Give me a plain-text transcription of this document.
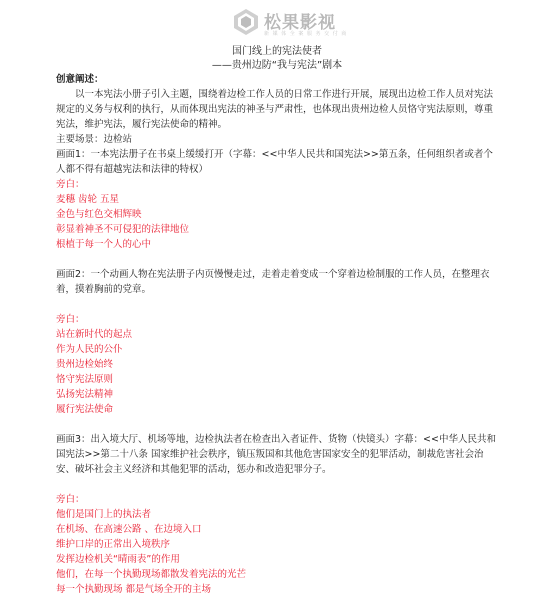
松果影视
新 媒 体 全 案 服 务 交 付 商
国门线上的宪法使者
——贵州边防“我与宪法”剧本

创意阐述：

以一本宪法小册子引入主题，围绕着边检工作人员的日常工作进行开展，展现出边检工作人员对宪法规定的义务与权利的执行，从而体现出宪法的神圣与严肃性，也体现出贵州边检人员恪守宪法原则，尊重宪法，维护宪法，履行宪法使命的精神。

主要场景：边检站

画面1：一本宪法册子在书桌上缓缓打开（字幕：<<中华人民共和国宪法>>第五条，任何组织者或者个人都不得有超越宪法和法律的特权）

旁白：

麦穗 齿轮 五星

金色与红色交相辉映

彰显着神圣不可侵犯的法律地位

根植于每一个人的心中

画面2：一个动画人物在宪法册子内页慢慢走过，走着走着变成一个穿着边检制服的工作人员，在整理衣着，摸着胸前的党章。

旁白：

站在新时代的起点

作为人民的公仆

贵州边检始终

恪守宪法原则

弘扬宪法精神

履行宪法使命

画面3：出入境大厅、机场等地，边检执法者在检查出入者证件、货物（快镜头）字幕：<<中华人民共和国宪法>>第二十八条 国家维护社会秩序，镇压叛国和其他危害国家安全的犯罪活动，制裁危害社会治安、破坏社会主义经济和其他犯罪的活动，惩办和改造犯罪分子。

旁白：

他们是国门上的执法者

在机场、在高速公路 、在边境入口

维护口岸的正常出入境秩序

发挥边检机关“晴雨表”的作用

他们，在每一个执勤现场都散发着宪法的光芒

每一个执勤现场 都是气场全开的主场
